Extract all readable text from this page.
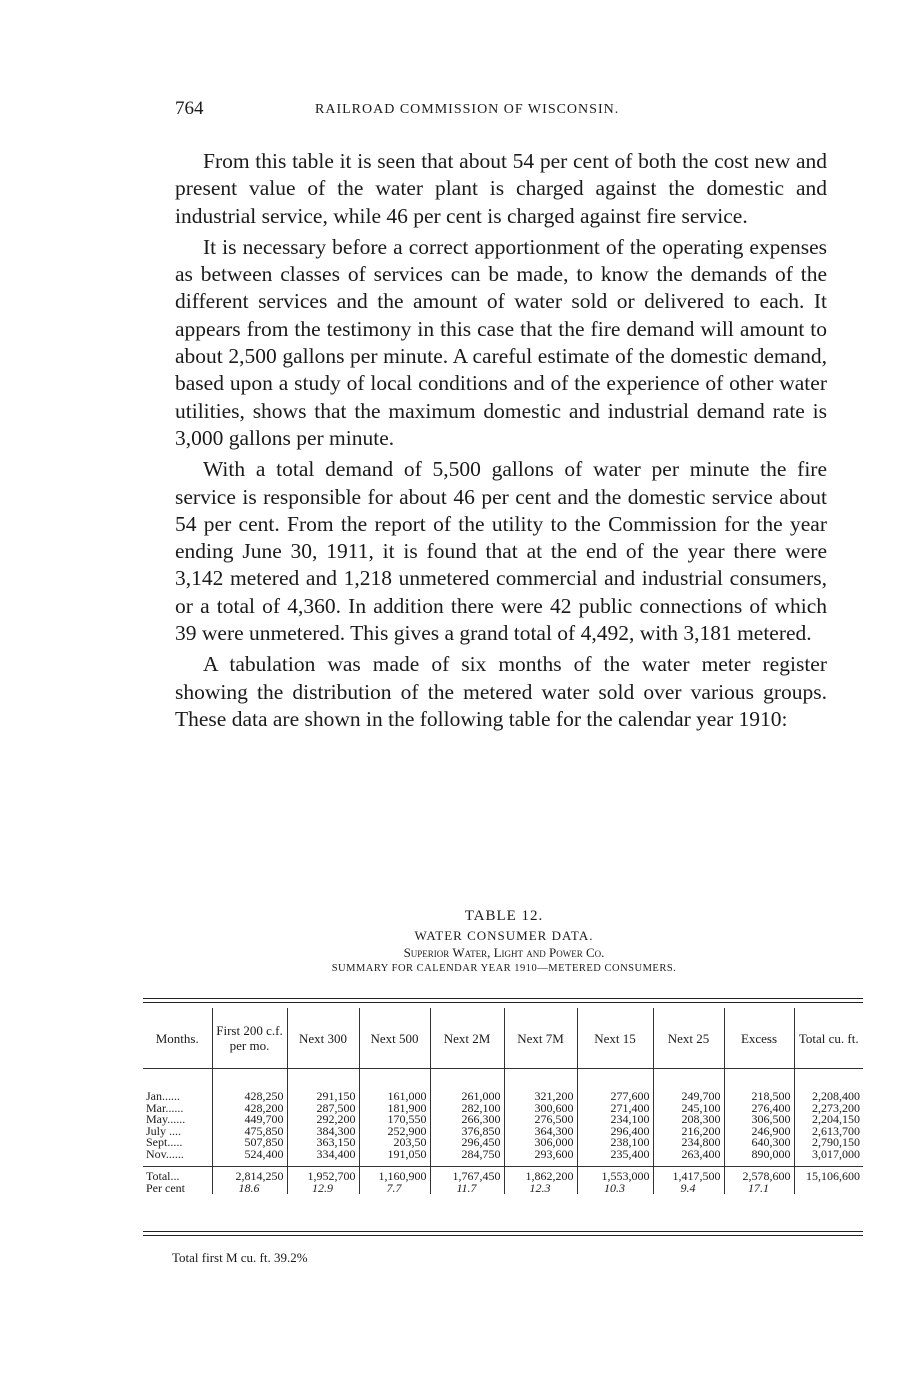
764	RAILROAD COMMISSION OF WISCONSIN.

From this table it is seen that about 54 per cent of both the cost new and present value of the water plant is charged against the domestic and industrial service, while 46 per cent is charged against fire service.

It is necessary before a correct apportionment of the operating expenses as between classes of services can be made, to know the demands of the different services and the amount of water sold or delivered to each. It appears from the testimony in this case that the fire demand will amount to about 2,500 gallons per minute. A careful estimate of the domestic demand, based upon a study of local conditions and of the experience of other water utilities, shows that the maximum domestic and industrial demand rate is 3,000 gallons per minute.

With a total demand of 5,500 gallons of water per minute the fire service is responsible for about 46 per cent and the domestic service about 54 per cent. From the report of the utility to the Commission for the year ending June 30, 1911, it is found that at the end of the year there were 3,142 metered and 1,218 unmetered commercial and industrial consumers, or a total of 4,360. In addition there were 42 public connections of which 39 were unmetered. This gives a grand total of 4,492, with 3,181 metered.

A tabulation was made of six months of the water meter register showing the distribution of the metered water sold over various groups. These data are shown in the following table for the calendar year 1910:

TABLE 12.
WATER CONSUMER DATA.
Superior Water, Light and Power Co.
SUMMARY FOR CALENDAR YEAR 1910—METERED CONSUMERS.
Months.	First 200 c.f. per mo.	Next 300	Next 500	Next 2M	Next 7M	Next 15	Next 25	Excess	Total cu. ft.

Jan......	428,250	291,150	161,000	261,000	321,200	277,600	249,700	218,500	2,208,400
Mar......	428,200	287,500	181,900	282,100	300,600	271,400	245,100	276,400	2,273,200
May......	449,700	292,200	170,550	266,300	276,500	234,100	208,300	306,500	2,204,150
July ....	475,850	384,300	252,900	376,850	364,300	296,400	216,200	246,900	2,613,700
Sept.....	507,850	363,150	203,50	296,450	306,000	238,100	234,800	640,300	2,790,150
Nov......	524,400	334,400	191,050	284,750	293,600	235,400	263,400	890,000	3,017,000

Total...	2,814,250	1,952,700	1,160,900	1,767,450	1,862,200	1,553,000	1,417,500	2,578,600	15,106,600
Per cent	18.6	12.9	7.7	11.7	12.3	10.3	9.4	17.1	
Total first M cu. ft. 39.2%
